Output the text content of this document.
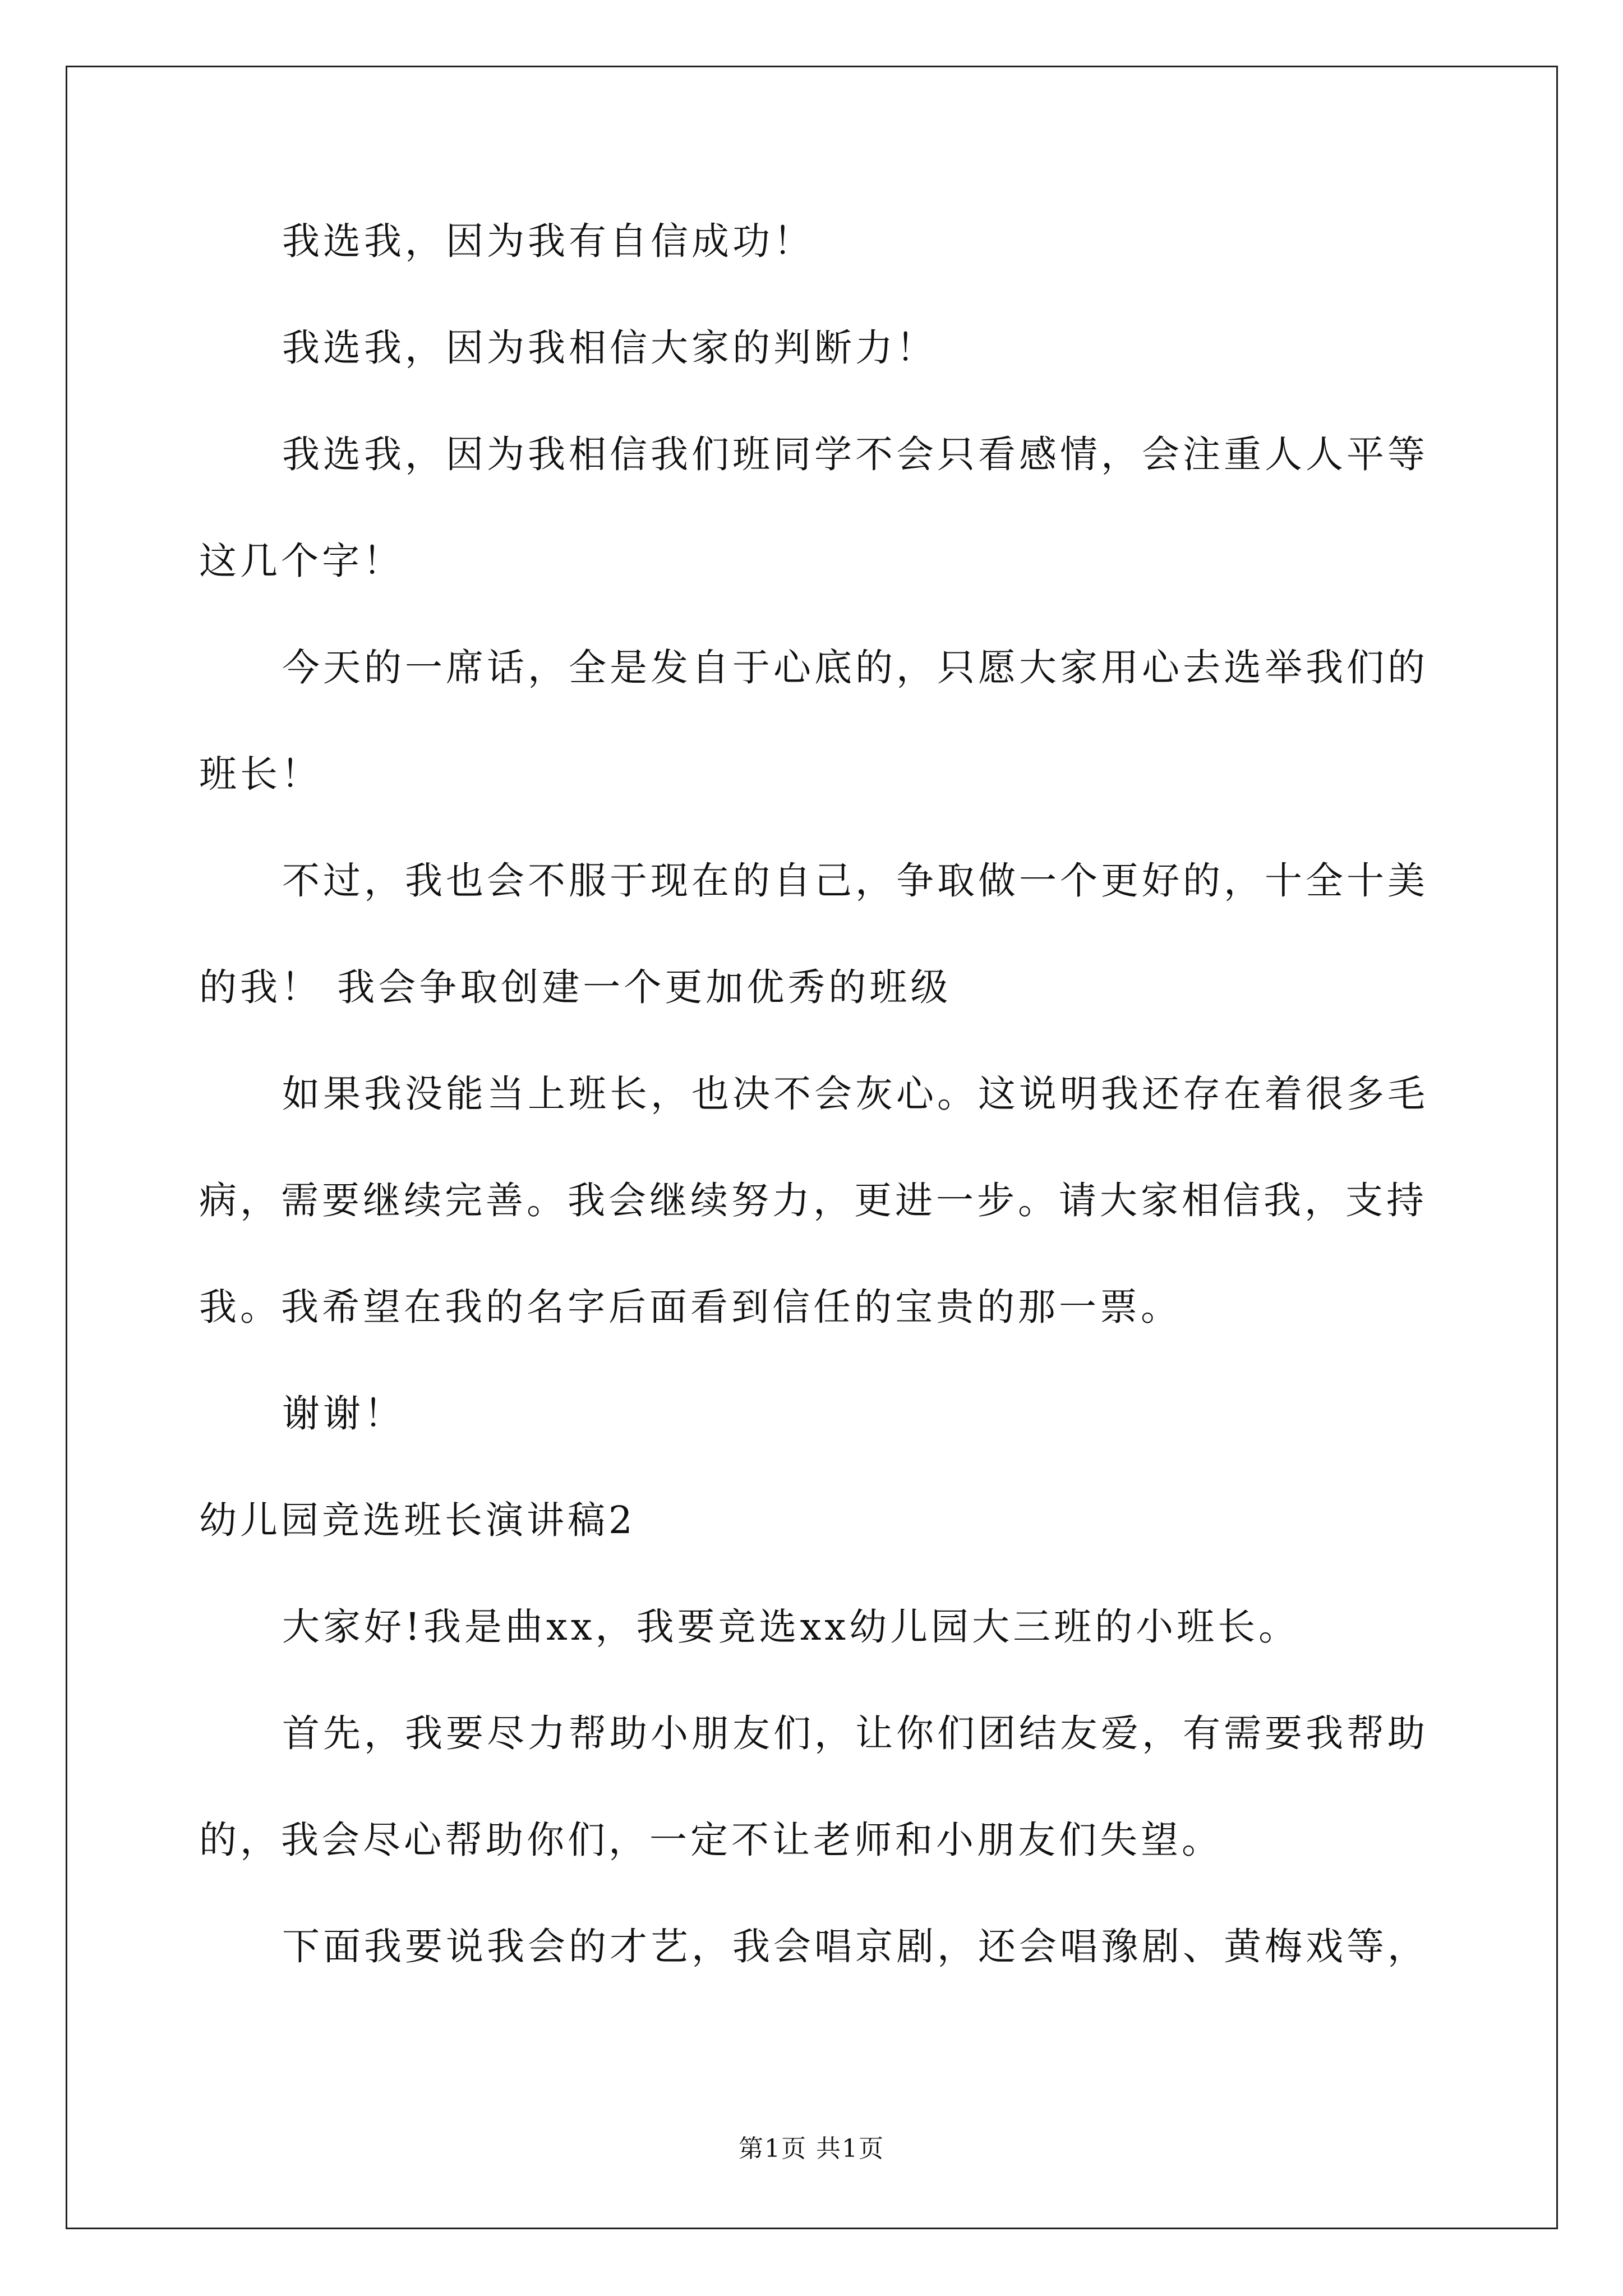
我选我，因为我有自信成功！
我选我，因为我相信大家的判断力！
我选我，因为我相信我们班同学不会只看感情，会注重人人平等
这几个字！
今天的一席话，全是发自于心底的，只愿大家用心去选举我们的
班长！
不过，我也会不服于现在的自己，争取做一个更好的，十全十美
的我！ 我会争取创建一个更加优秀的班级
如果我没能当上班长，也决不会灰心。这说明我还存在着很多毛
病，需要继续完善。我会继续努力，更进一步。请大家相信我，支持
我。我希望在我的名字后面看到信任的宝贵的那一票。
谢谢！
幼儿园竞选班长演讲稿2
大家好!我是曲xx，我要竞选xx幼儿园大三班的小班长。
首先，我要尽力帮助小朋友们，让你们团结友爱，有需要我帮助
的，我会尽心帮助你们，一定不让老师和小朋友们失望。
下面我要说我会的才艺，我会唱京剧，还会唱豫剧、黄梅戏等，
第1页 共1页
